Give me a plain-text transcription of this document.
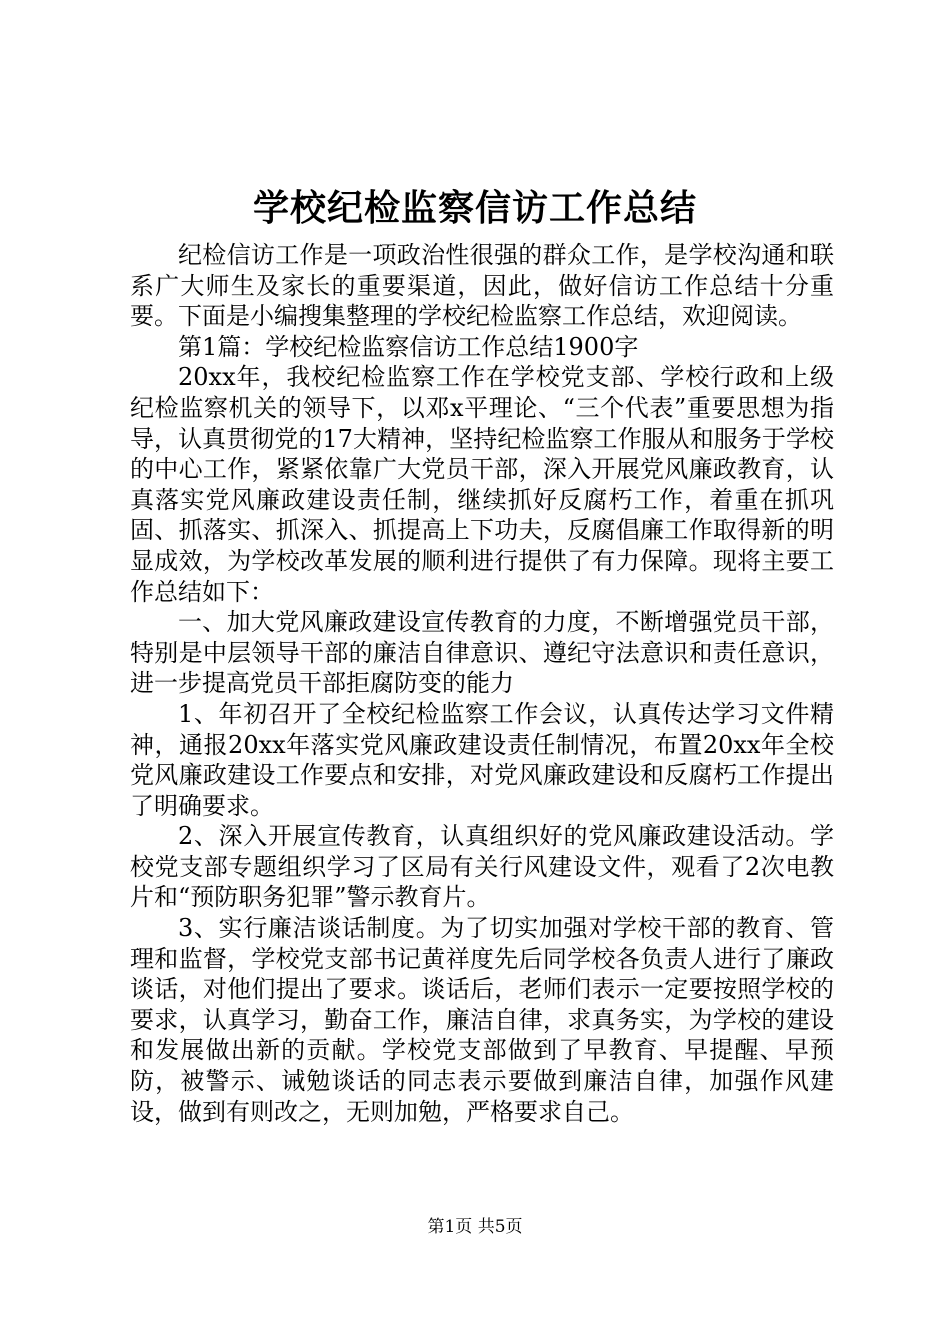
学校纪检监察信访工作总结

纪检信访工作是一项政治性很强的群众工作，是学校沟通和联系广大师生及家长的重要渠道，因此，做好信访工作总结十分重要。下面是小编搜集整理的学校纪检监察工作总结，欢迎阅读。

第1篇：学校纪检监察信访工作总结1900字

20xx年，我校纪检监察工作在学校党支部、学校行政和上级纪检监察机关的领导下，以邓x平理论、“三个代表”重要思想为指导，认真贯彻党的17大精神，坚持纪检监察工作服从和服务于学校的中心工作，紧紧依靠广大党员干部，深入开展党风廉政教育，认真落实党风廉政建设责任制，继续抓好反腐朽工作，着重在抓巩固、抓落实、抓深入、抓提高上下功夫，反腐倡廉工作取得新的明显成效，为学校改革发展的顺利进行提供了有力保障。现将主要工作总结如下：

一、加大党风廉政建设宣传教育的力度，不断增强党员干部，特别是中层领导干部的廉洁自律意识、遵纪守法意识和责任意识，进一步提高党员干部拒腐防变的能力

1、年初召开了全校纪检监察工作会议，认真传达学习文件精神，通报20xx年落实党风廉政建设责任制情况，布置20xx年全校党风廉政建设工作要点和安排，对党风廉政建设和反腐朽工作提出了明确要求。

2、深入开展宣传教育，认真组织好的党风廉政建设活动。学校党支部专题组织学习了区局有关行风建设文件，观看了2次电教片和“预防职务犯罪”警示教育片。

3、实行廉洁谈话制度。为了切实加强对学校干部的教育、管理和监督，学校党支部书记黄祥度先后同学校各负责人进行了廉政谈话，对他们提出了要求。谈话后，老师们表示一定要按照学校的要求，认真学习，勤奋工作，廉洁自律，求真务实，为学校的建设和发展做出新的贡献。学校党支部做到了早教育、早提醒、早预防，被警示、诫勉谈话的同志表示要做到廉洁自律，加强作风建设，做到有则改之，无则加勉，严格要求自己。

第1页 共5页
